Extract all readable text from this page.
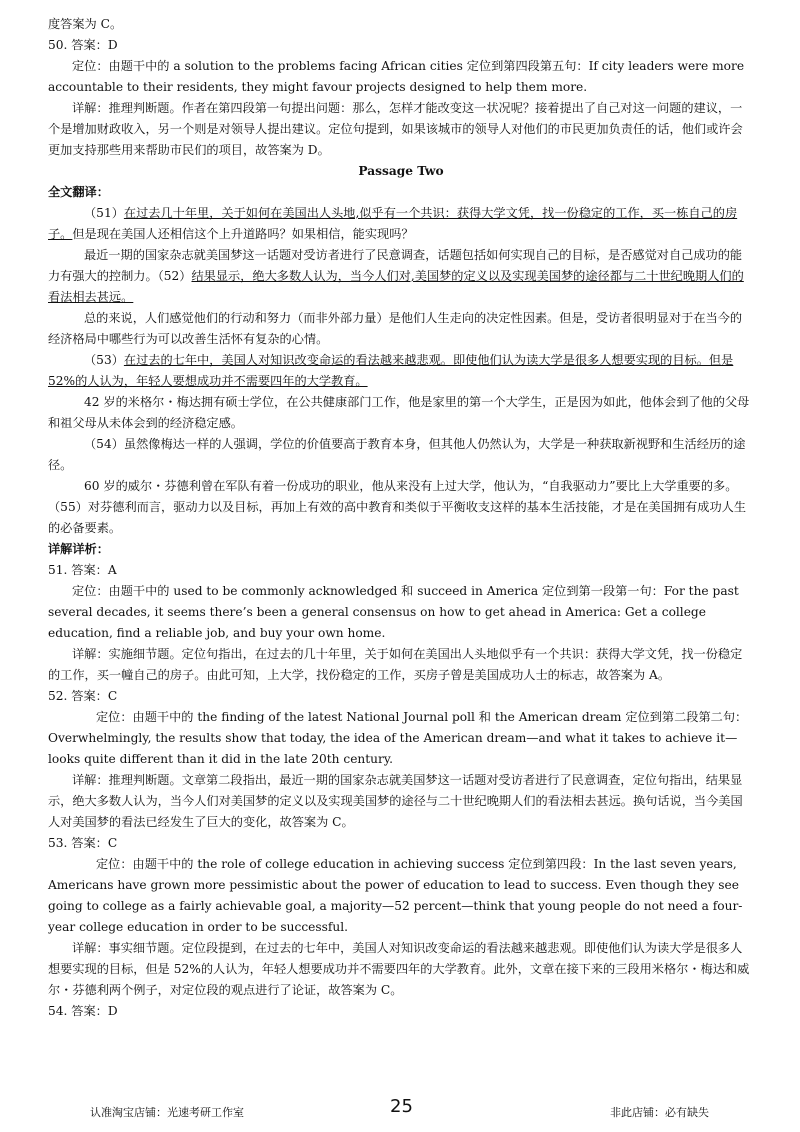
度答案为 C。

50. 答案：D

定位：由题干中的 a solution to the problems facing African cities 定位到第四段第五句：If city leaders were more accountable to their residents, they might favour projects designed to help them more.

详解：推理判断题。作者在第四段第一句提出问题：那么，怎样才能改变这一状况呢？接着提出了自己对这一问题的建议，一个是增加财政收入，另一个则是对领导人提出建议。定位句提到，如果该城市的领导人对他们的市民更加负责任的话，他们或许会更加支持那些用来帮助市民们的项目，故答案为 D。

Passage Two

全文翻译：

（51）在过去几十年里，关于如何在美国出人头地,似乎有一个共识：获得大学文凭，找一份稳定的工作，买一栋自己的房子。但是现在美国人还相信这个上升道路吗？如果相信，能实现吗？

最近一期的国家杂志就美国梦这一话题对受访者进行了民意调查，话题包括如何实现自己的目标，是否感觉对自己成功的能力有强大的控制力。（52）结果显示，绝大多数人认为，当今人们对,美国梦的定义以及实现美国梦的途径都与二十世纪晚期人们的看法相去甚远。

总的来说，人们感觉他们的行动和努力（而非外部力量）是他们人生走向的决定性因素。但是，受访者很明显对于在当今的经济格局中哪些行为可以改善生活怀有复杂的心情。

（53）在过去的七年中，美国人对知识改变命运的看法越来越悲观。即使他们认为读大学是很多人想要实现的目标。但是 52%的人认为，年轻人要想成功并不需要四年的大学教育。

42 岁的米格尔・梅达拥有硕士学位，在公共健康部门工作，他是家里的第一个大学生，正是因为如此，他体会到了他的父母和祖父母从未体会到的经济稳定感。

（54）虽然像梅达一样的人强调，学位的价值要高于教育本身，但其他人仍然认为，大学是一种获取新视野和生活经历的途径。

60 岁的威尔・芬德利曾在军队有着一份成功的职业，他从来没有上过大学，他认为，“自我驱动力”要比上大学重要的多。（55）对芬德利而言，驱动力以及目标，再加上有效的高中教育和类似于平衡收支这样的基本生活技能，才是在美国拥有成功人生的必备要素。

详解详析：

51. 答案：A

定位：由题干中的 used to be commonly acknowledged 和 succeed in America 定位到第一段第一句：For the past several decades, it seems there’s been a general consensus on how to get ahead in America: Get a college education, find a reliable job, and buy your own home.

详解：实施细节题。定位句指出，在过去的几十年里，关于如何在美国出人头地似乎有一个共识：获得大学文凭，找一份稳定的工作，买一幢自己的房子。由此可知，上大学，找份稳定的工作，买房子曾是美国成功人士的标志，故答案为 A。

52. 答案：C

定位：由题干中的 the finding of the latest National Journal poll 和 the American dream 定位到第二段第二句：Overwhelmingly, the results show that today, the idea of the American dream—and what it takes to achieve it—looks quite different than it did in the late 20th century.

详解：推理判断题。文章第二段指出，最近一期的国家杂志就美国梦这一话题对受访者进行了民意调查，定位句指出，结果显示，绝大多数人认为，当今人们对美国梦的定义以及实现美国梦的途径与二十世纪晚期人们的看法相去甚远。换句话说，当今美国人对美国梦的看法已经发生了巨大的变化，故答案为 C。

53. 答案：C

定位：由题干中的 the role of college education in achieving success 定位到第四段：In the last seven years, Americans have grown more pessimistic about the power of education to lead to success. Even though they see going to college as a fairly achievable goal, a majority—52 percent—think that young people do not need a four-year college education in order to be successful.

详解：事实细节题。定位段提到，在过去的七年中，美国人对知识改变命运的看法越来越悲观。即使他们认为读大学是很多人想要实现的目标，但是 52%的人认为，年轻人想要成功并不需要四年的大学教育。此外，文章在接下来的三段用米格尔・梅达和威尔・芬德利两个例子，对定位段的观点进行了论证，故答案为 C。

54. 答案：D

认准淘宝店铺：光速考研工作室	25	非此店铺：必有缺失
